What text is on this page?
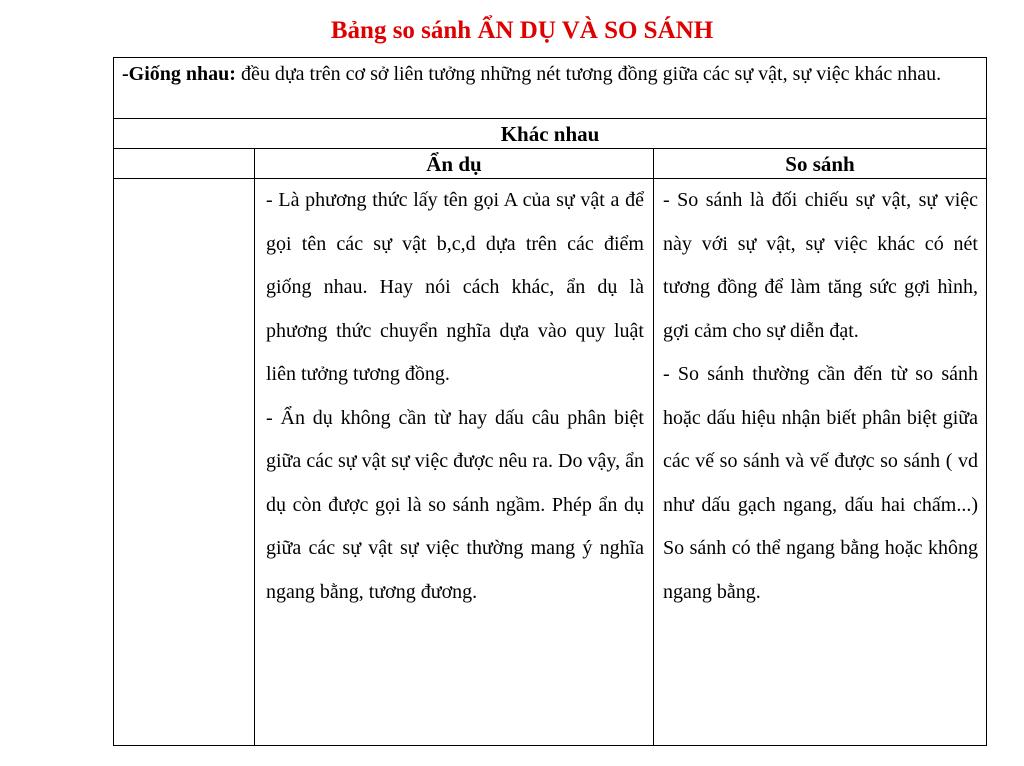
Bảng so sánh ẨN DỤ VÀ SO SÁNH
-Giống nhau: đều dựa trên cơ sở liên tưởng những nét tương đồng giữa các sự vật, sự việc khác nhau.
Khác nhau
Ẩn dụ	So sánh

- Là phương thức lấy tên gọi A của sự vật a để gọi tên các sự vật b,c,d dựa trên các điểm giống nhau. Hay nói cách khác, ẩn dụ là phương thức chuyển nghĩa dựa vào quy luật liên tưởng tương đồng.

- Ẩn dụ không cần từ hay dấu câu phân biệt giữa các sự vật sự việc được nêu ra. Do vậy, ẩn dụ còn được gọi là so sánh ngầm. Phép ẩn dụ giữa các sự vật sự việc thường mang ý nghĩa ngang bằng, tương đương.

- So sánh là đối chiếu sự vật, sự việc này với sự vật, sự việc khác có nét tương đồng để làm tăng sức gợi hình, gợi cảm cho sự diễn đạt.

- So sánh thường cần đến từ so sánh hoặc dấu hiệu nhận biết phân biệt giữa các vế so sánh và vế được so sánh ( vd như dấu gạch ngang, dấu hai chấm...) So sánh có thể ngang bằng hoặc không ngang bằng.
